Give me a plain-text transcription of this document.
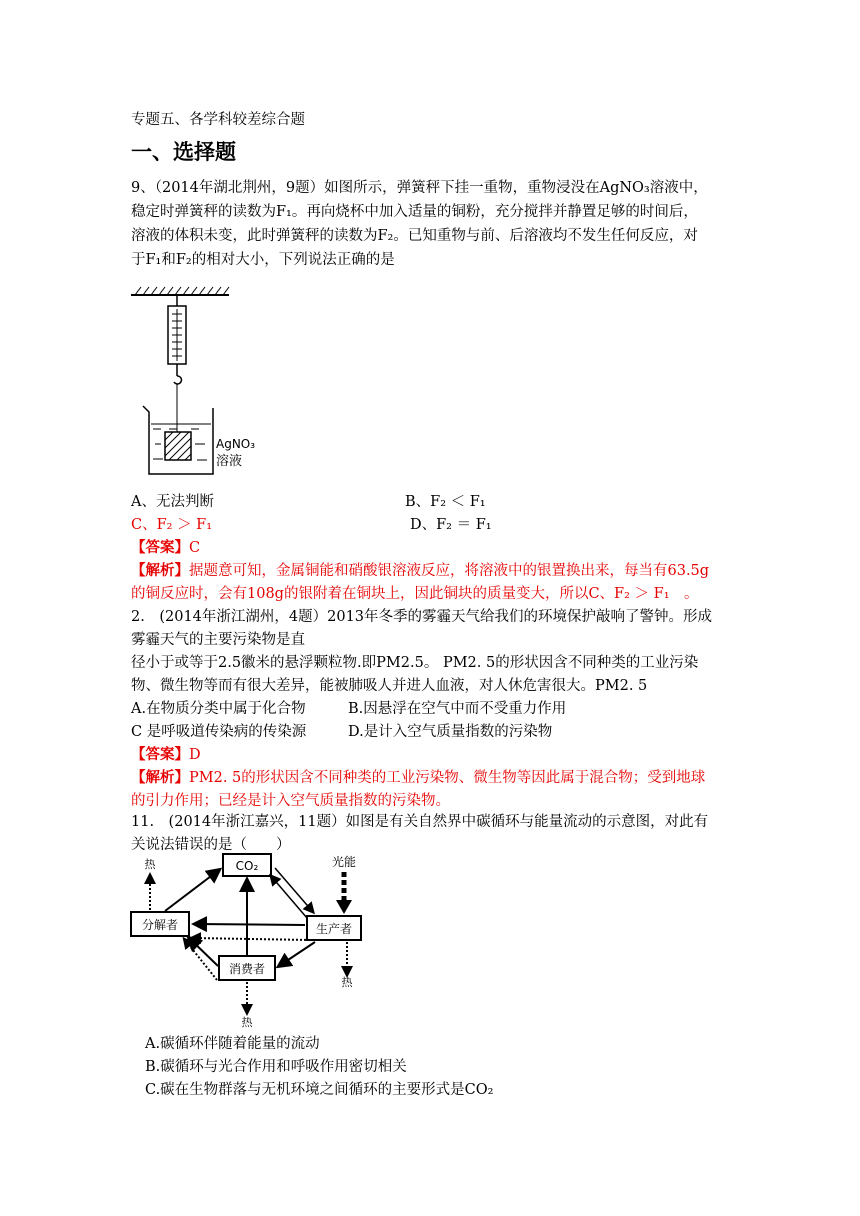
专题五、各学科较差综合题
一、选择题
9、（2014年湖北荆州，9题）如图所示，弹簧秤下挂一重物，重物浸没在AgNO₃溶液中，
稳定时弹簧秤的读数为F₁。再向烧杯中加入适量的铜粉，充分搅拌并静置足够的时间后，
溶液的体积未变，此时弹簧秤的读数为F₂。已知重物与前、后溶液均不发生任何反应，对
于F₁和F₂的相对大小，下列说法正确的是
AgNO₃
溶液
A、无法判断	B、F₂ ＜ F₁
C、F₂ ＞ F₁	D、F₂ ＝ F₁
【答案】C
【解析】据题意可知，金属铜能和硝酸银溶液反应，将溶液中的银置换出来，每当有63.5g
的铜反应时，会有108g的银附着在铜块上，因此铜块的质量变大，所以C、F₂ ＞ F₁　。
2.　(2014年浙江湖州，4题）2013年冬季的雾霾天气给我们的环境保护敲响了警钟。形成
雾霾天气的主要污染物是直
径小于或等于2.5徽米的悬浮颗粒物.即PM2.5。 PM2. 5的形状因含不同种类的工业污染
物、微生物等而有很大差异，能被肺吸人并进人血液，对人休危害很大。PM2. 5
A.在物质分类中属于化合物	B.因悬浮在空气中而不受重力作用
C 是呼吸道传染病的传染源	D.是计入空气质量指数的污染物
【答案】D
【解析】PM2. 5的形状因含不同种类的工业污染物、微生物等因此属于混合物；受到地球
的引力作用；已经是计入空气质量指数的污染物。
11.　(2014年浙江嘉兴，11题）如图是有关自然界中碳循环与能量流动的示意图，对此有
关说法错误的是（　　）
CO₂
分解者	生产者
消费者
光能
热
热
热
A.碳循环伴随着能量的流动
B.碳循环与光合作用和呼吸作用密切相关
C.碳在生物群落与无机环境之间循环的主要形式是CO₂
